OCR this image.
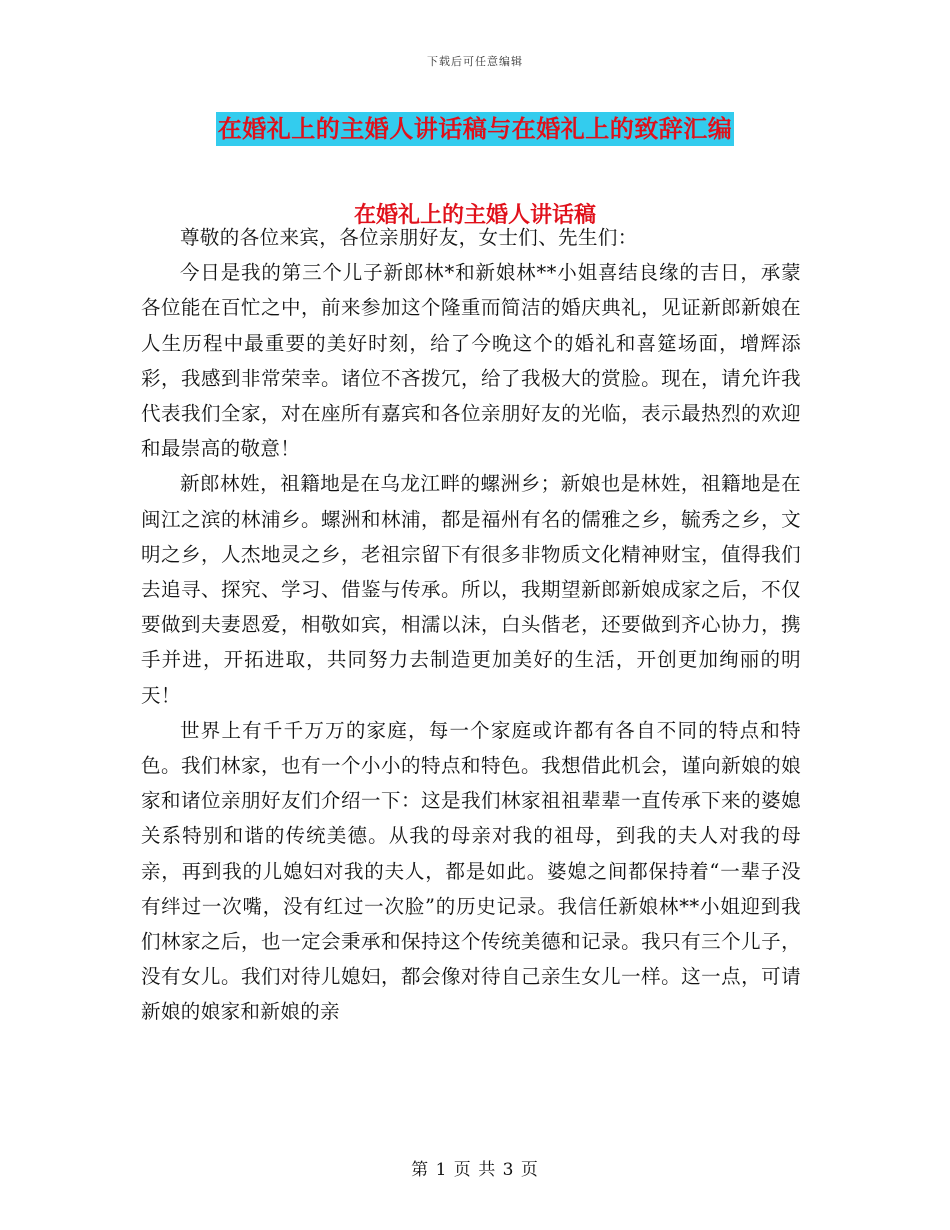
下载后可任意编辑
在婚礼上的主婚人讲话稿与在婚礼上的致辞汇编
在婚礼上的主婚人讲话稿

尊敬的各位来宾，各位亲朋好友，女士们、先生们：

今日是我的第三个儿子新郎林*和新娘林**小姐喜结良缘的吉日，承蒙各位能在百忙之中，前来参加这个隆重而简洁的婚庆典礼，见证新郎新娘在人生历程中最重要的美好时刻，给了今晚这个的婚礼和喜筵场面，增辉添彩，我感到非常荣幸。诸位不吝拨冗，给了我极大的赏脸。现在，请允许我代表我们全家，对在座所有嘉宾和各位亲朋好友的光临，表示最热烈的欢迎和最崇高的敬意！

新郎林姓，祖籍地是在乌龙江畔的螺洲乡；新娘也是林姓，祖籍地是在闽江之滨的林浦乡。螺洲和林浦，都是福州有名的儒雅之乡，毓秀之乡，文明之乡，人杰地灵之乡，老祖宗留下有很多非物质文化精神财宝，值得我们去追寻、探究、学习、借鉴与传承。所以，我期望新郎新娘成家之后，不仅要做到夫妻恩爱，相敬如宾，相濡以沫，白头偕老，还要做到齐心协力，携手并进，开拓进取，共同努力去制造更加美好的生活，开创更加绚丽的明天！

世界上有千千万万的家庭，每一个家庭或许都有各自不同的特点和特色。我们林家，也有一个小小的特点和特色。我想借此机会，谨向新娘的娘家和诸位亲朋好友们介绍一下：这是我们林家祖祖辈辈一直传承下来的婆媳关系特别和谐的传统美德。从我的母亲对我的祖母，到我的夫人对我的母亲，再到我的儿媳妇对我的夫人，都是如此。婆媳之间都保持着“一辈子没有绊过一次嘴，没有红过一次脸”的历史记录。我信任新娘林**小姐迎到我们林家之后，也一定会秉承和保持这个传统美德和记录。我只有三个儿子，没有女儿。我们对待儿媳妇，都会像对待自己亲生女儿一样。这一点，可请新娘的娘家和新娘的亲

第 1 页 共 3 页
